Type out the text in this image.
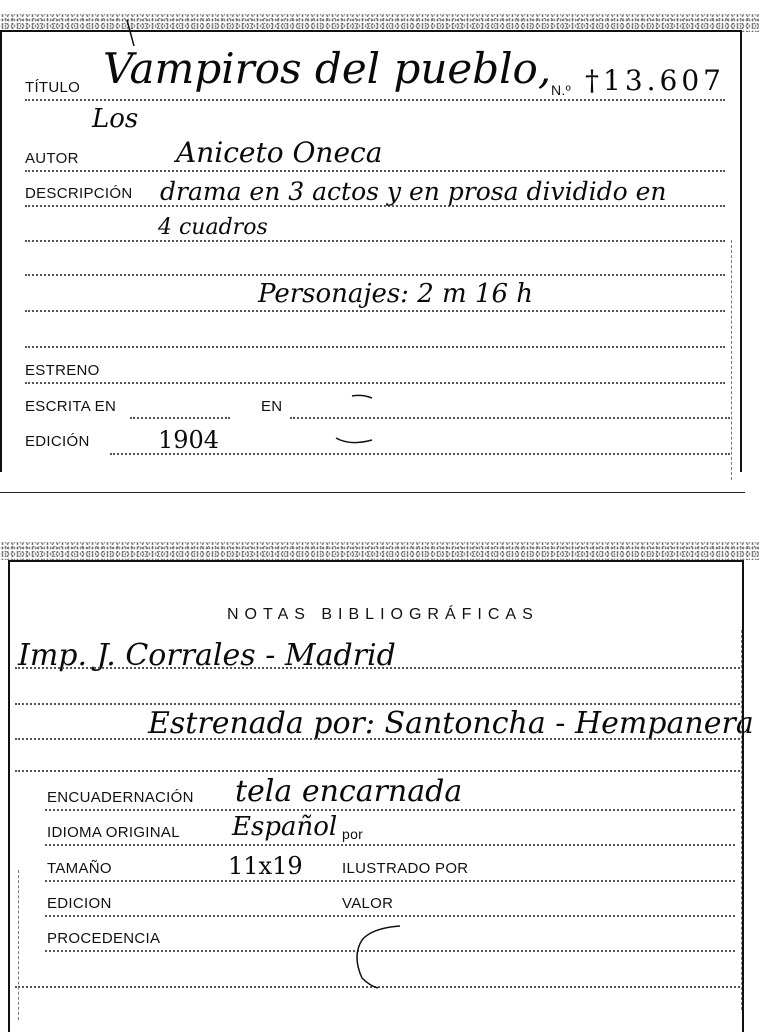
TÍTULO Vampiros del pueblo, N.º †13.607
Los
AUTOR	Aniceto Oneca
DESCRIPCIÓN drama en 3 actos y en prosa dividido en
4 cuadros
Personajes: 2 m 16 h
ESTRENO
ESCRITA EN	EN
EDICIÓN	1904
NOTAS BIBLIOGRÁFICAS
Imp. J. Corrales - Madrid
Estrenada por: Santoncha - Hempanera
ENCUADERNACIÓN tela encarnada
IDIOMA ORIGINAL Español por
TAMAÑO	11x19	ILUSTRADO POR
EDICION	VALOR
PROCEDENCIA
